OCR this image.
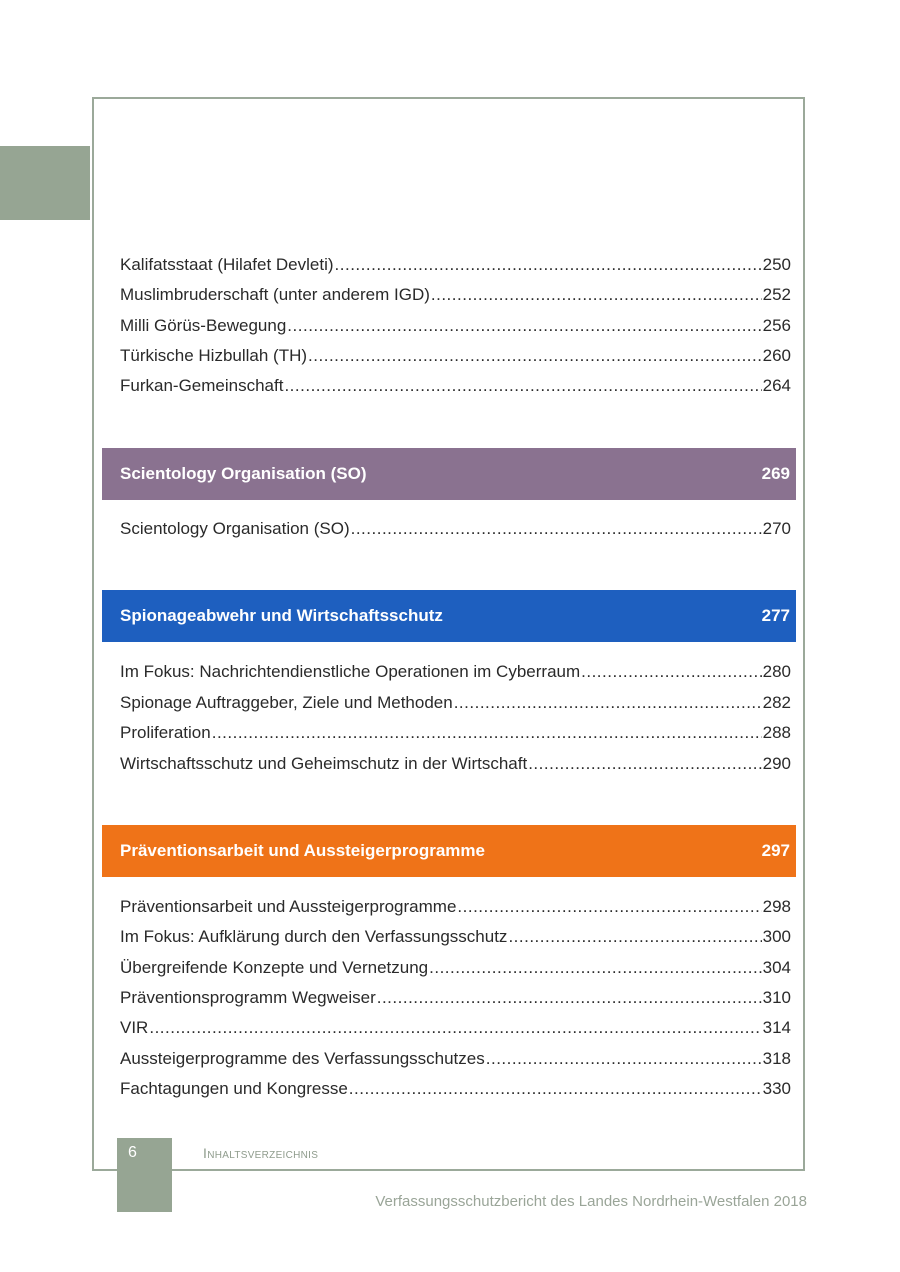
Kalifatsstaat (Hilafet Devleti) .....	250
Muslimbruderschaft (unter anderem IGD) .....	252
Milli Görüs-Bewegung .....	256
Türkische Hizbullah (TH) .....	260
Furkan-Gemeinschaft .....	264
Scientology Organisation (SO)	269
Scientology Organisation (SO) .....	270
Spionageabwehr und Wirtschaftsschutz	277
Im Fokus: Nachrichtendienstliche Operationen im Cyberraum .....	280
Spionage Auftraggeber, Ziele und Methoden .....	282
Proliferation .....	288
Wirtschaftsschutz und Geheimschutz in der Wirtschaft .....	290
Präventionsarbeit und Aussteigerprogramme	297
Präventionsarbeit und Aussteigerprogramme .....	298
Im Fokus: Aufklärung durch den Verfassungsschutz .....	300
Übergreifende Konzepte und Vernetzung .....	304
Präventionsprogramm Wegweiser .....	310
VIR .....	314
Aussteigerprogramme des Verfassungsschutzes .....	318
Fachtagungen und Kongresse .....	330
6	Inhaltsverzeichnis
Verfassungsschutzbericht des Landes Nordrhein-Westfalen 2018
